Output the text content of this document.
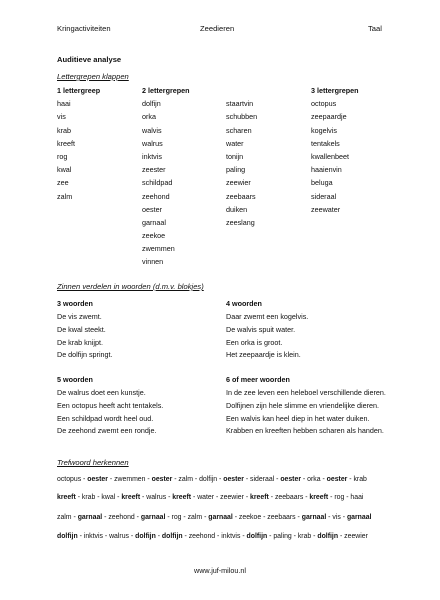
Kringactiviteiten	Zeedieren	Taal
Auditieve analyse
Lettergrepen klappen
1 lettergreep
haai
vis
krab
kreeft
rog
kwal
zee
zalm
2 lettergrepen
dolfijn
orka
walvis
walrus
inktvis
zeester
schildpad
zeehond
oester
garnaal
zeekoe
zwemmen
vinnen
staartvin
schubben
scharen
water
tonijn
paling
zeewier
zeebaars
duiken
zeeslang
3 lettergrepen
octopus
zeepaardje
kogelvis
tentakels
kwallenbeet
haaienvin
beluga
sideraal
zeewater
Zinnen verdelen in woorden (d.m.v. blokjes)
3 woorden
De vis zwemt.
De kwal steekt.
De krab knijpt.
De dolfijn springt.
4 woorden
Daar zwemt een kogelvis.
De walvis spuit water.
Een orka is groot.
Het zeepaardje is klein.
5 woorden
De walrus doet een kunstje.
Een octopus heeft acht tentakels.
Een schildpad wordt heel oud.
De zeehond zwemt een rondje.
6 of meer woorden
In de zee leven een heleboel verschillende dieren.
Dolfijnen zijn hele slimme en vriendelijke dieren.
Een walvis kan heel diep in het water duiken.
Krabben en kreeften hebben scharen als handen.
Trefwoord herkennen
octopus - oester - zwemmen - oester - zalm - dolfijn - oester - sideraal - oester - orka - oester - krab
kreeft - krab - kwal - kreeft - walrus - kreeft - water - zeewier - kreeft - zeebaars - kreeft - rog - haai
zalm - garnaal - zeehond - garnaal - rog - zalm - garnaal - zeekoe - zeebaars - garnaal - vis - garnaal
dolfijn - inktvis - walrus - dolfijn - dolfijn - zeehond - inktvis - dolfijn - paling - krab - dolfijn - zeewier
www.juf-milou.nl
